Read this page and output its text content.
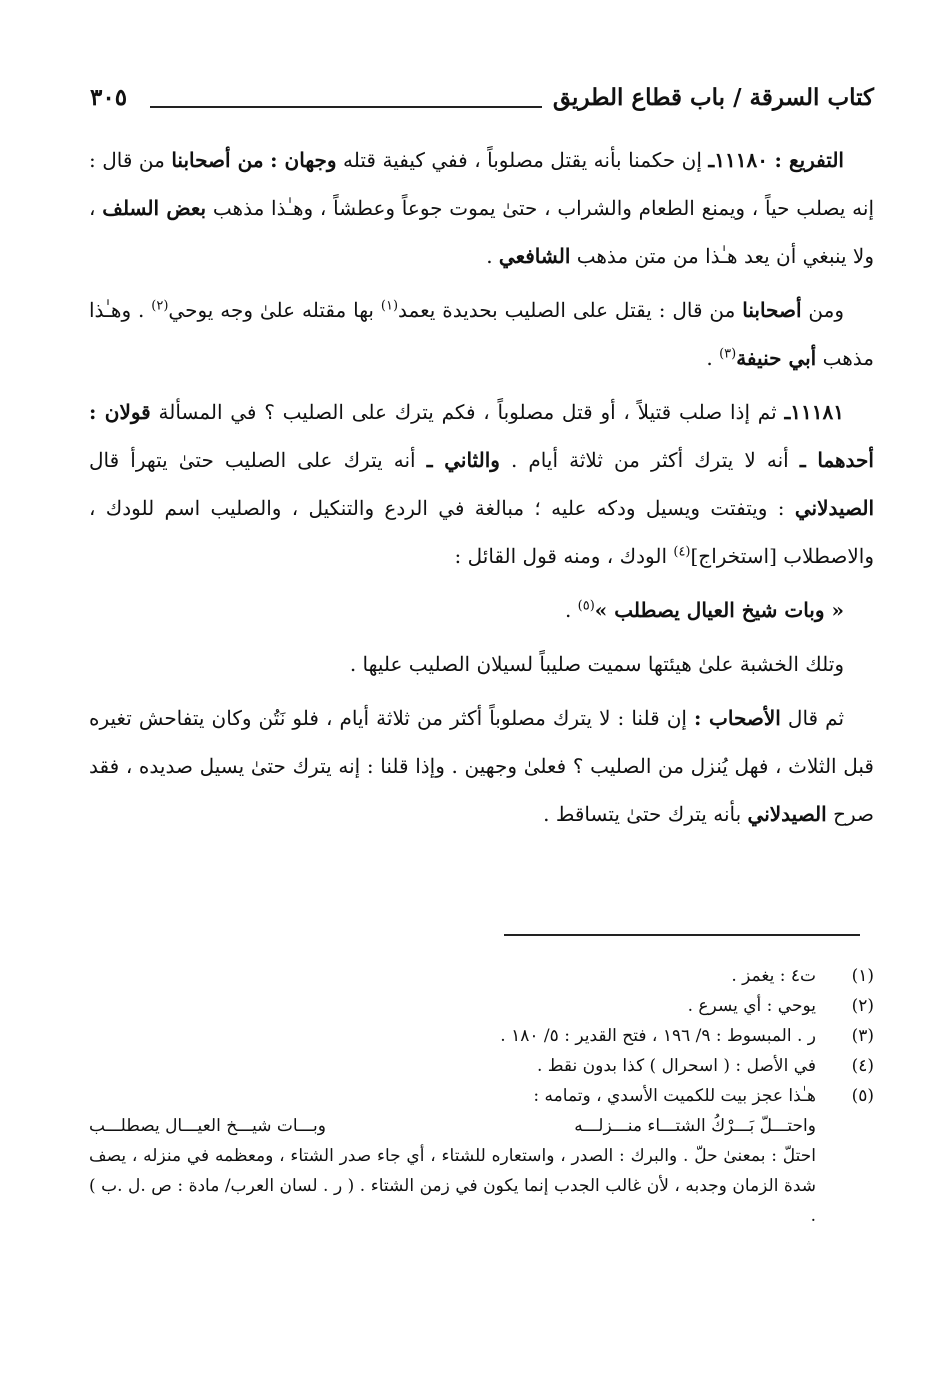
كتاب السرقة / باب قطاع الطريق
٣٠٥

التفريع : ١١١٨٠ـ إن حكمنا بأنه يقتل مصلوباً ، ففي كيفية قتله وجهان : من أصحابنا من قال : إنه يصلب حياً ، ويمنع الطعام والشراب ، حتىٰ يموت جوعاً وعطشاً ، وهـٰذا مذهب بعض السلف ، ولا ينبغي أن يعد هـٰذا من متن مذهب الشافعي .

ومن أصحابنا من قال : يقتل على الصليب بحديدة يعمد$^{(١)}$ بها مقتله علىٰ وجه يوحي$^{(٢)}$ . وهـٰذا مذهب أبي حنيفة$^{(٣)}$ .

١١١٨١ـ ثم إذا صلب قتيلاً ، أو قتل مصلوباً ، فكم يترك على الصليب ؟ في المسألة قولان : أحدهما ـ أنه لا يترك أكثر من ثلاثة أيام . والثاني ـ أنه يترك على الصليب حتىٰ يتهرأ قال الصيدلاني : ويتفتت ويسيل ودكه عليه ؛ مبالغة في الردع والتنكيل ، والصليب اسم للودك ، والاصطلاب [استخراج]$^{(٤)}$ الودك ، ومنه قول القائل :

« وبات شيخ العيال يصطلب »$^{(٥)}$ .

وتلك الخشبة علىٰ هيئتها سميت صليباً لسيلان الصليب عليها .

ثم قال الأصحاب : إن قلنا : لا يترك مصلوباً أكثر من ثلاثة أيام ، فلو نَتُن وكان يتفاحش تغيره قبل الثلاث ، فهل يُنزل من الصليب ؟ فعلىٰ وجهين . وإذا قلنا : إنه يترك حتىٰ يسيل صديده ، فقد صرح الصيدلاني بأنه يترك حتىٰ يتساقط .

(١)
ت٤ : يغمز .
(٢)
يوحي : أي يسرع .
(٣)
ر . المبسوط : ٩/ ١٩٦ ، فتح القدير : ٥/ ١٨٠ .
(٤)
في الأصل : ( اسحرال ) كذا بدون نقط .
(٥)
هـٰذا عجز بيت للكميت الأسدي ، وتمامه :
واحتـــلّ بَـــرْكُ الشتـــاء منـــزلـــه
وبـــات شيـــخ العيـــال يصطلـــب
احتلّ : بمعنىٰ حلّ . والبرك : الصدر ، واستعاره للشتاء ، أي جاء صدر الشتاء ، ومعظمه في منزله ، يصف شدة الزمان وجدبه ، لأن غالب الجدب إنما يكون في زمن الشتاء . ( ر . لسان العرب/ مادة : ص .ل .ب ) .
